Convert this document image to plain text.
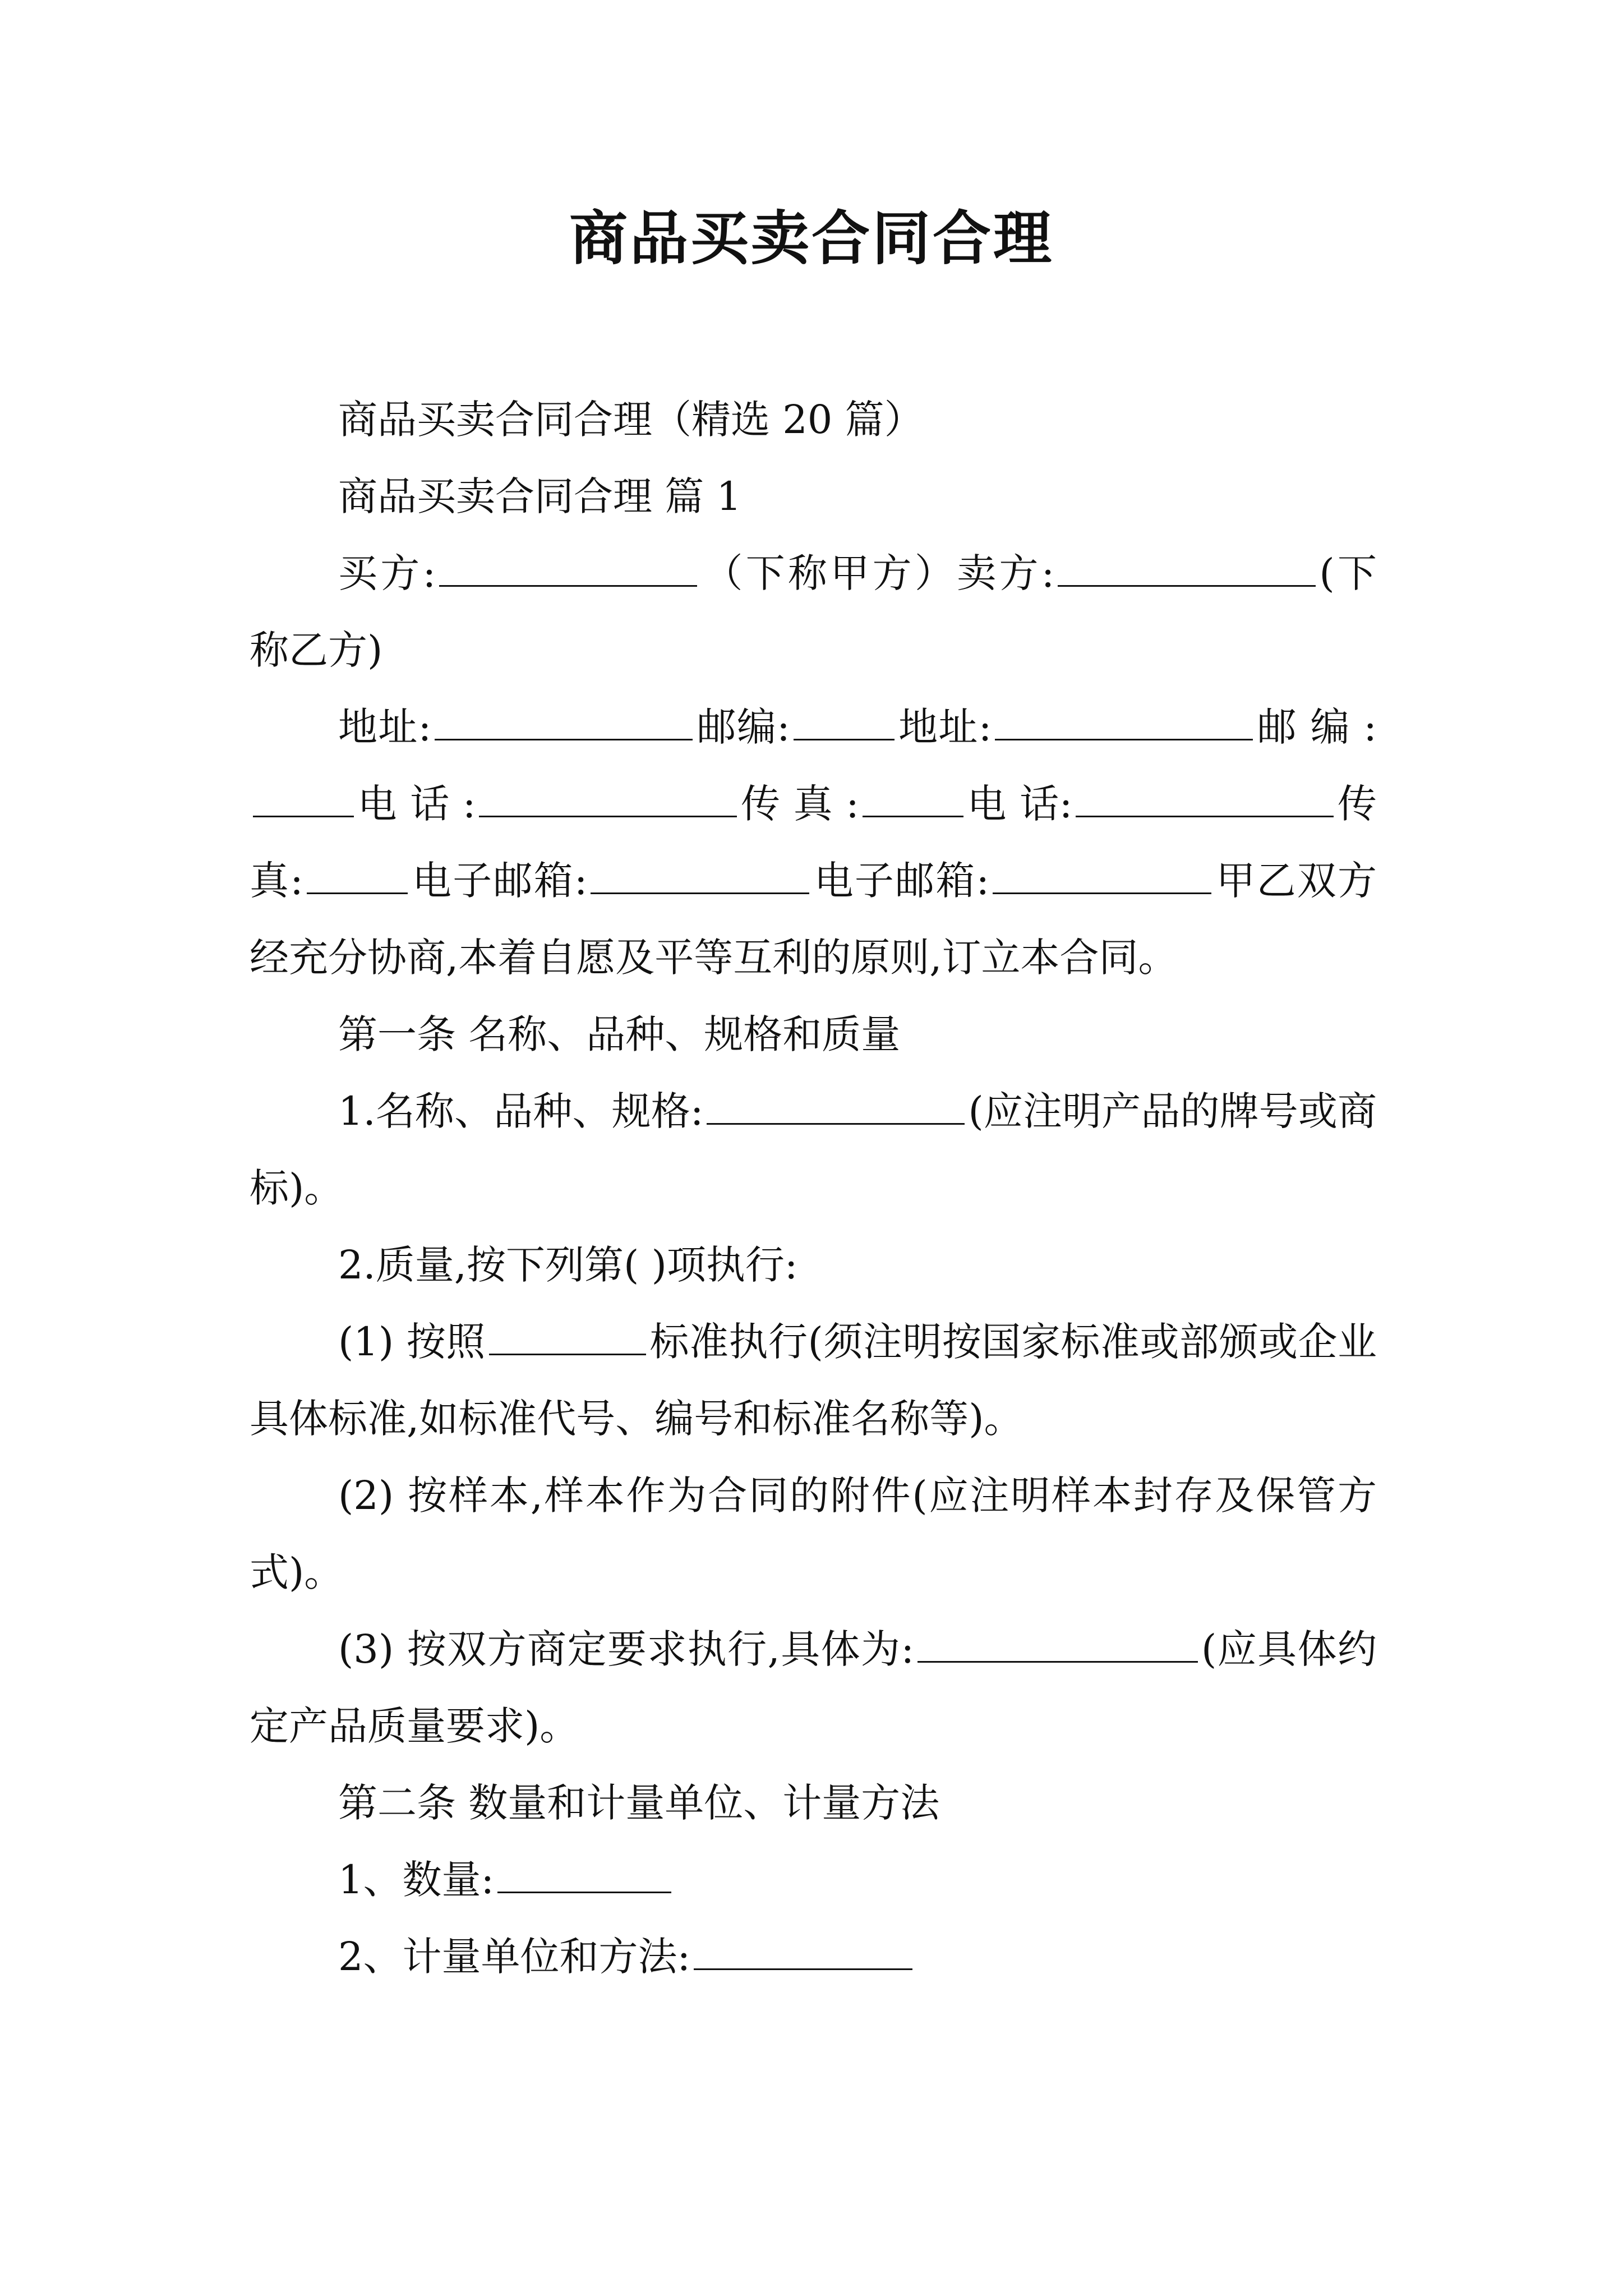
商品买卖合同合理

商品买卖合同合理（精选 20 篇）

商品买卖合同合理 篇 1

买方:	（下称甲方）卖方:	(下称乙方)

地址:	邮编:	地址:	邮 编 :电 话 :	传 真 :	电 话:	传真:	电子邮箱:	电子邮箱:	甲乙双方经充分协商,本着自愿及平等互利的原则,订立本合同。

第一条 名称、品种、规格和质量

1.名称、品种、规格:	(应注明产品的牌号或商标)。

2.质量,按下列第( )项执行:

(1) 按照	标准执行(须注明按国家标准或部颁或企业具体标准,如标准代号、编号和标准名称等)。

(2) 按样本,样本作为合同的附件(应注明样本封存及保管方式)。

(3) 按双方商定要求执行,具体为:	(应具体约定产品质量要求)。

第二条 数量和计量单位、计量方法

1、数量:

2、计量单位和方法:
